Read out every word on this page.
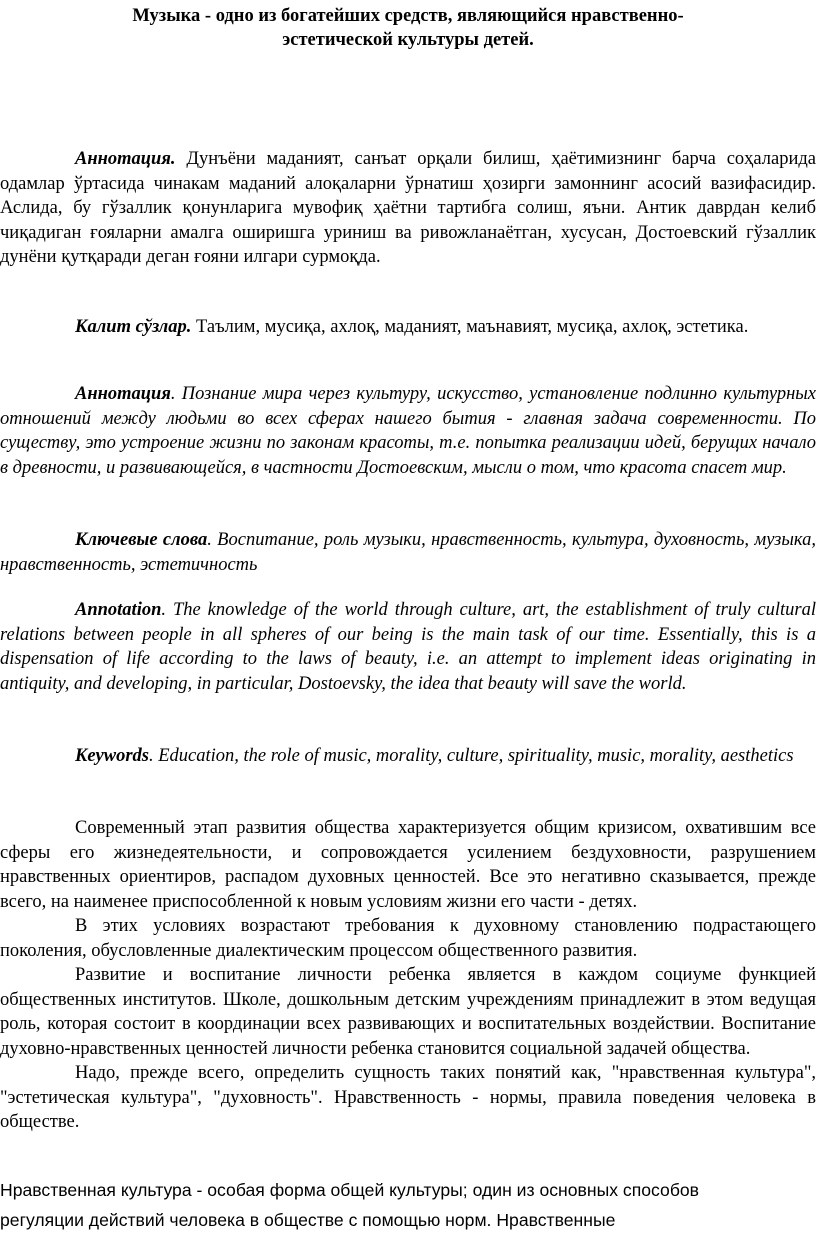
Музыка - одно из богатейших средств, являющийся нравственно-
эстетической культуры детей.

Аннотация. Дунъёни маданият, санъат орқали билиш, ҳаётимизнинг барча соҳаларида одамлар ўртасида чинакам маданий алоқаларни ўрнатиш ҳозирги замоннинг асосий вазифасидир. Аслида, бу гўзаллик қонунларига мувофиқ ҳаётни тартибга солиш, яъни. Антик даврдан келиб чиқадиган ғояларни амалга оширишга уриниш ва ривожланаётган, хусусан, Достоевский гўзаллик дунёни қутқаради деган ғояни илгари сурмоқда.

Калит сўзлар. Таълим, мусиқа, ахлоқ, маданият, маънавият, мусиқа, ахлоқ, эстетика.

Аннотация. Познание мира через культуру, искусство, установление подлинно культурных отношений между людьми во всех сферах нашего бытия - главная задача современности. По существу, это устроение жизни по законам красоты, т.е. попытка реализации идей, берущих начало в древности, и развивающейся, в частности Достоевским, мысли о том, что красота спасет мир.

Ключевые слова. Воспитание, роль музыки, нравственность, культура, духовность, музыка, нравственность, эстетичность

Annotation. The knowledge of the world through culture, art, the establishment of truly cultural relations between people in all spheres of our being is the main task of our time. Essentially, this is a dispensation of life according to the laws of beauty, i.e. an attempt to implement ideas originating in antiquity, and developing, in particular, Dostoevsky, the idea that beauty will save the world.

Keywords. Education, the role of music, morality, culture, spirituality, music, morality, aesthetics

Современный этап развития общества характеризуется общим кризисом, охватившим все сферы его жизнедеятельности, и сопровождается усилением бездуховности, разрушением нравственных ориентиров, распадом духовных ценностей. Все это негативно сказывается, прежде всего, на наименее приспособленной к новым условиям жизни его части - детях.

В этих условиях возрастают требования к духовному становлению подрастающего поколения, обусловленные диалектическим процессом общественного развития.

Развитие и воспитание личности ребенка является в каждом социуме функцией общественных институтов. Школе, дошкольным детским учреждениям принадлежит в этом ведущая роль, которая состоит в координации всех развивающих и воспитательных воздействии. Воспитание духовно-нравственных ценностей личности ребенка становится социальной задачей общества.

Надо, прежде всего, определить сущность таких понятий как, "нравственная культура", "эстетическая культура", "духовность". Нравственность - нормы, правила поведения человека в обществе.

Нравственная культура - особая форма общей культуры; один из основных способов

регуляции действий человека в обществе с помощью норм. Нравственные
